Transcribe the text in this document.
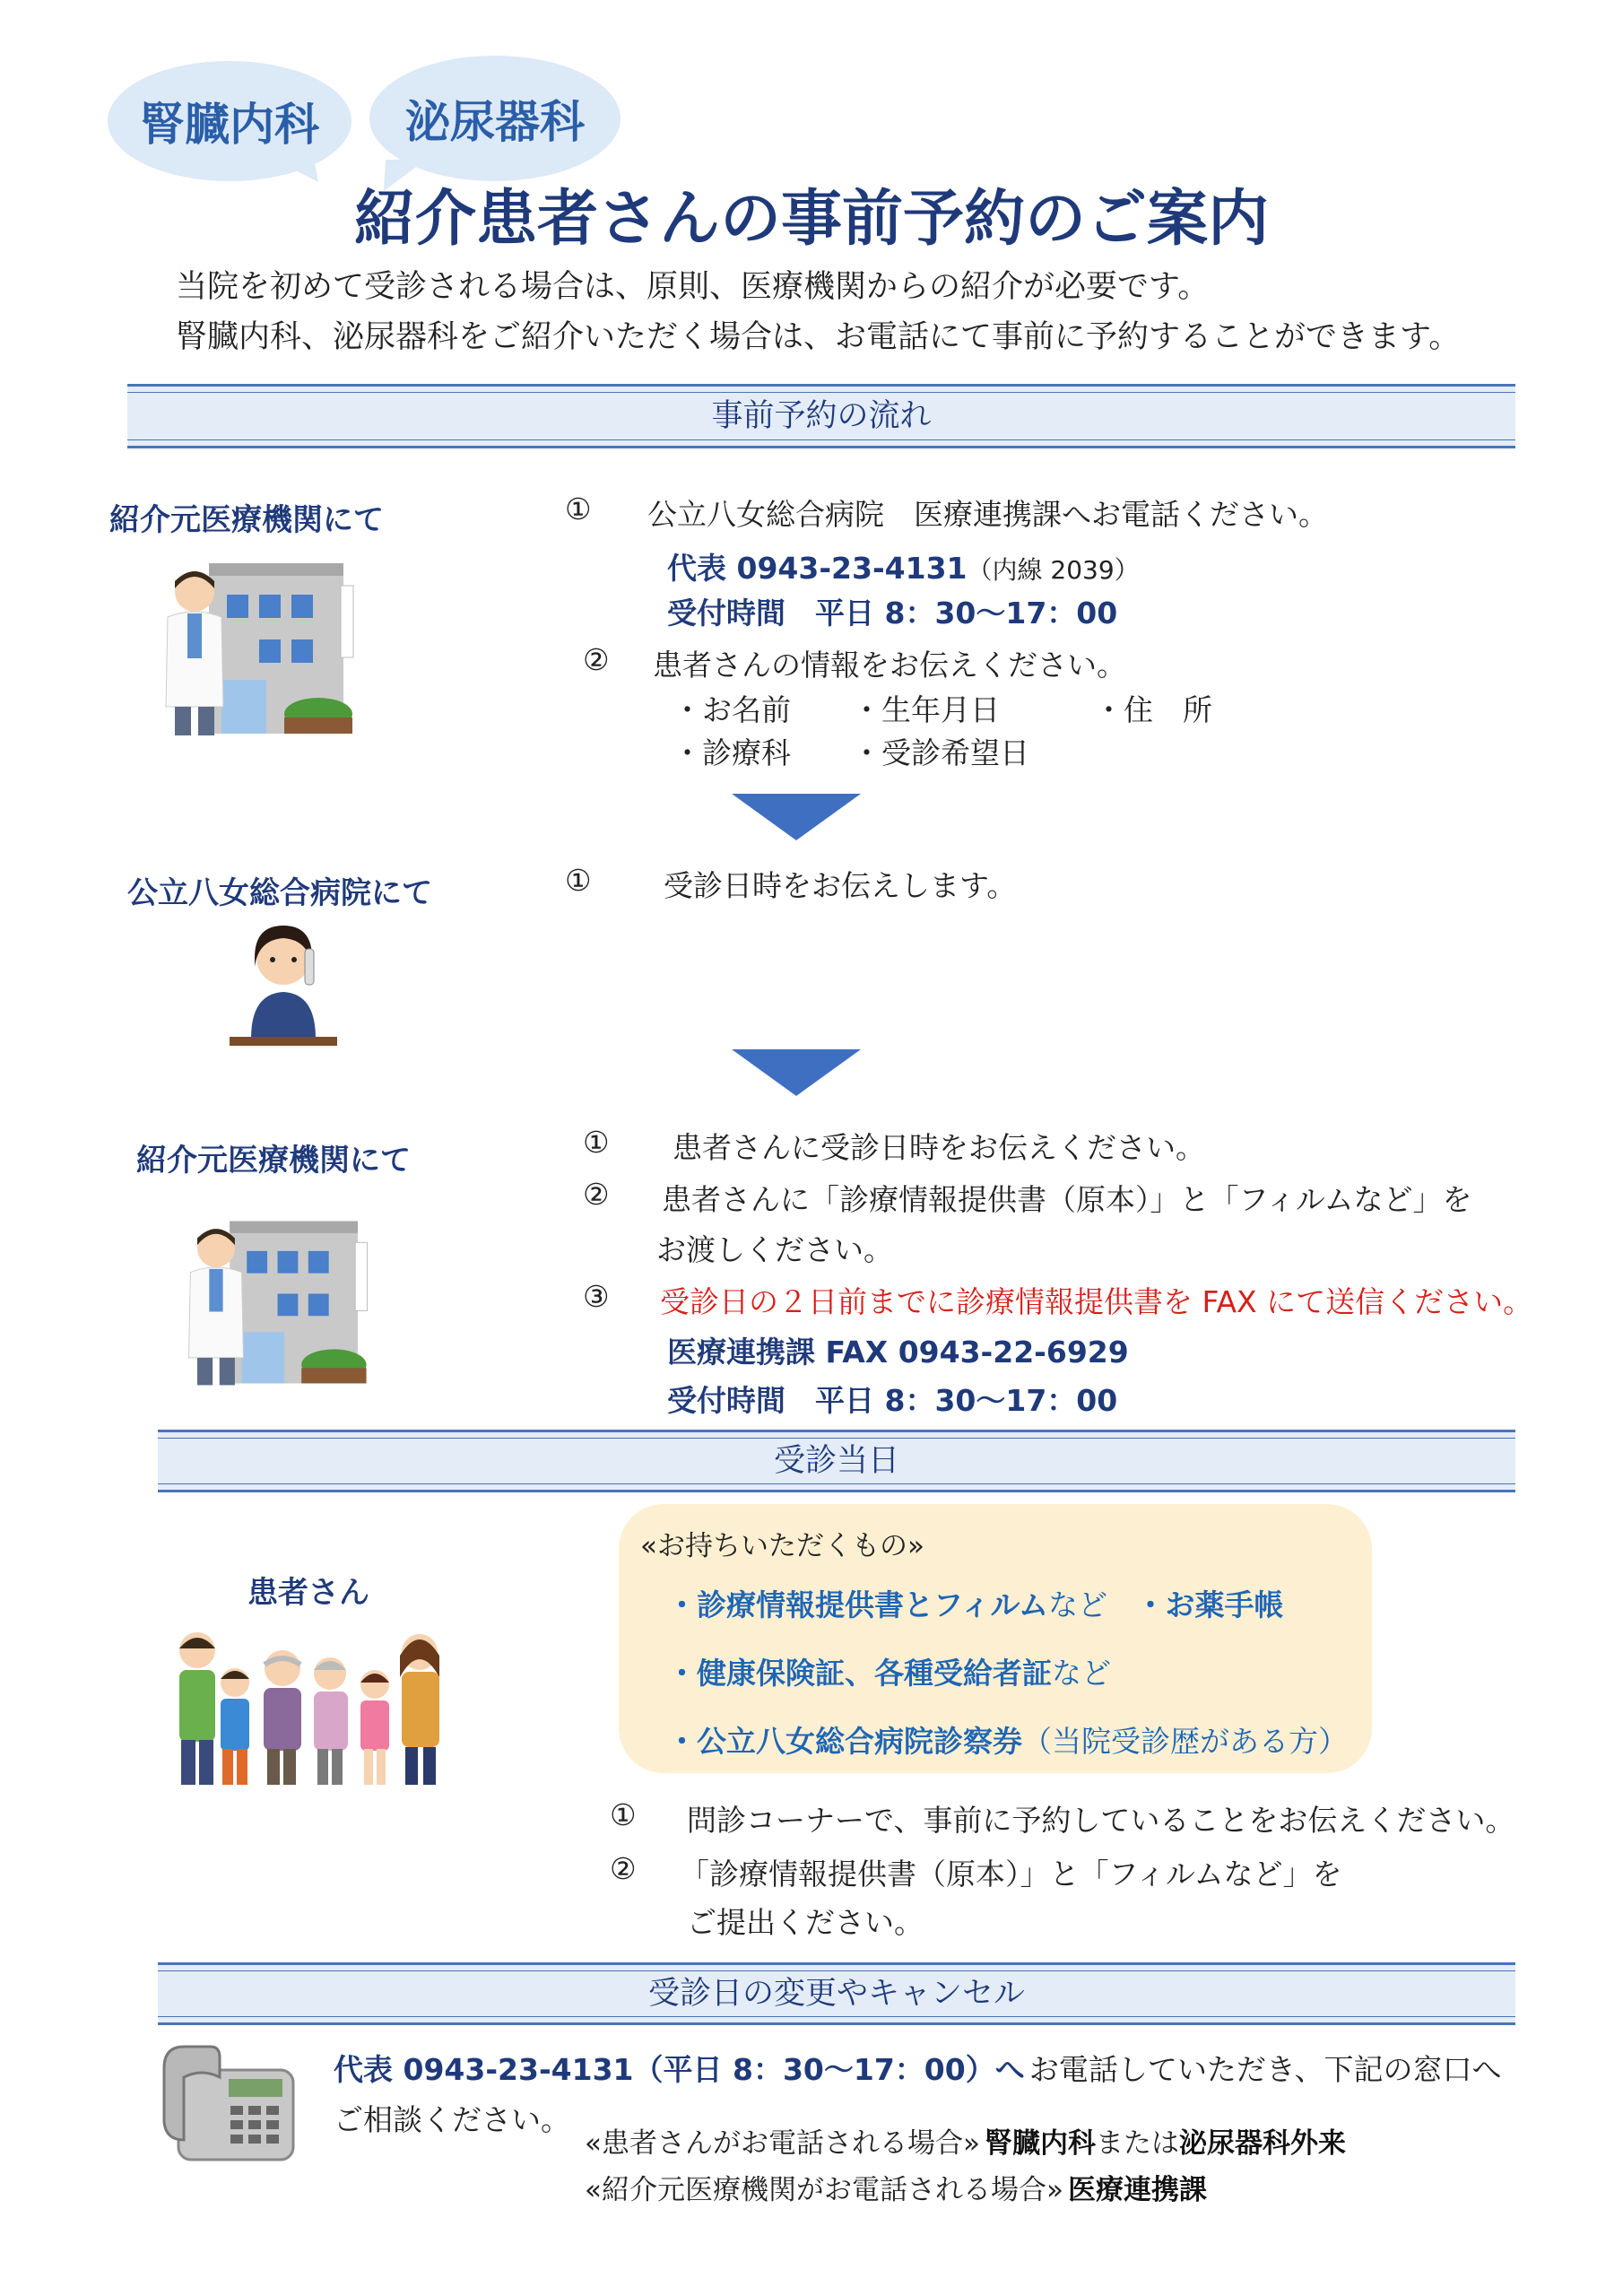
腎臓内科 泌尿器科
紹介患者さんの事前予約のご案内
当院を初めて受診される場合は、原則、医療機関からの紹介が必要です。
腎臓内科、泌尿器科をご紹介いただく場合は、お電話にて事前に予約することができます。
事前予約の流れ
紹介元医療機関にて	① 公立八女総合病院　医療連携課へお電話ください。
代表 0943-23-4131（内線 2039）
受付時間　平日 8：30～17：00
② 患者さんの情報をお伝えください。
・お名前 ・生年月日	・住　所
・診療科 ・受診希望日
公立八女総合病院にて	① 受診日時をお伝えします。
紹介元医療機関にて
① 患者さんに受診日時をお伝えください。
② 患者さんに「診療情報提供書（原本）」と「フィルムなど」を
お渡しください。
③ 受診日の２日前までに診療情報提供書を FAX にて送信ください。
医療連携課 FAX 0943-22-6929
受付時間　平日 8：30～17：00
受診当日
患者さん
«お持ちいただくもの»
・診療情報提供書とフィルムなど ・お薬手帳
・健康保険証、各種受給者証など
・公立八女総合病院診察券（当院受診歴がある方）
① 問診コーナーで、事前に予約していることをお伝えください。
② 「診療情報提供書（原本）」と「フィルムなど」を
ご提出ください。
受診日の変更やキャンセル
代表 0943-23-4131（平日 8：30～17：00）へ お電話していただき、下記の窓口へ
ご相談ください。
«患者さんがお電話される場合» 腎臓内科または泌尿器科外来
«紹介元医療機関がお電話される場合» 医療連携課
